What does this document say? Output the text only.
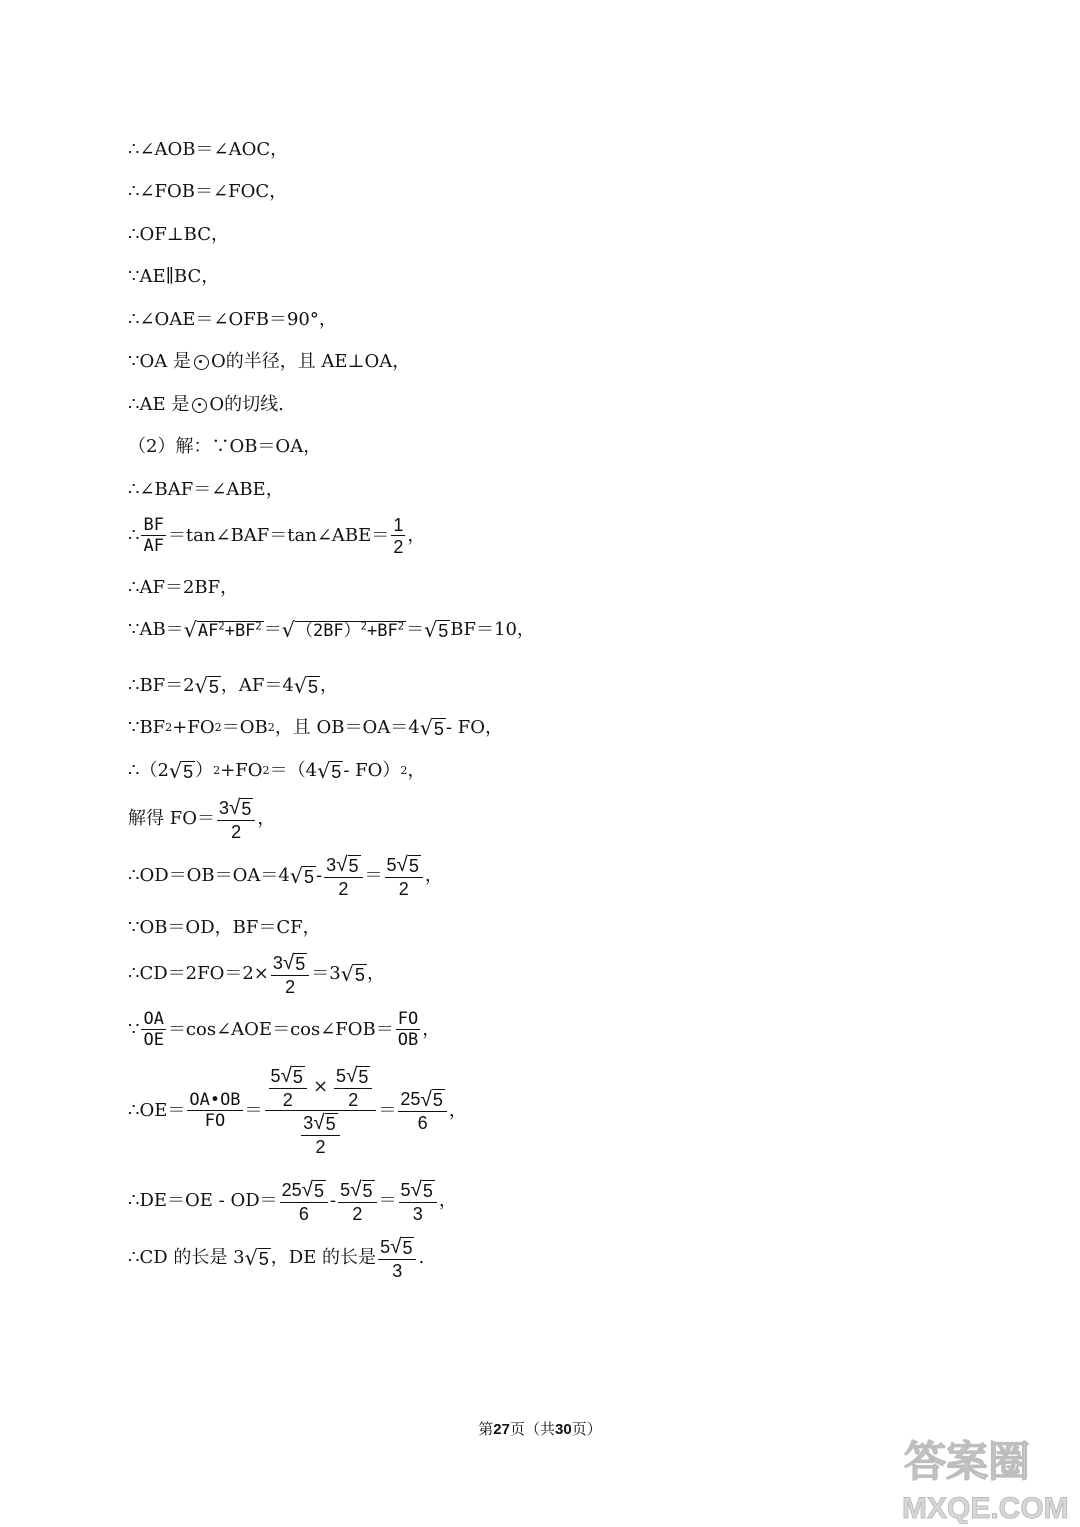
∴∠AOB＝∠AOC，
∴∠FOB＝∠FOC，
∴OF⊥BC，
∵AE∥BC，
∴∠OAE＝∠OFB＝90°，
∵OA 是 O 的半径，且 AE⊥OA，
∴AE 是 O 的切线.
（2）解：∵OB＝OA，
∴∠BAF＝∠ABE，
∴ $\frac{BF}{AF}$ ＝tan∠BAF＝tan∠ABE＝ $\frac{1}{2}$ ，
∴AF＝2BF，
∵AB＝ √ $AF^2+BF^2$ ＝ √ $(2BF)^2+BF^2$ ＝ √ 5 BF＝10，
∴BF＝2 √ 5 ，AF＝4 √ 5 ，
∵BF 2 +FO 2 ＝OB 2 ，且 OB＝OA＝4 √ 5 - FO，
∴（2 √ 5 ） 2 +FO 2 ＝（4 √ 5 - FO） 2 ，
解得 $FO= \frac{3 √ 5}{2}$ ，
∴OD＝OB＝OA＝4 √ $5 - \frac{3 √ 5}{2} = \frac{5 √ 5}{2}$ ，
∵OB＝OD，BF＝CF，
∴CD＝2FO＝2× $\frac{3 √ 5}{2} =3$ √ 5 ，
∵ $\frac{OA}{OE}$ ＝cos∠AOE＝cos∠FOB＝ $\frac{FO}{OB}$ ，
∴OE＝ $\frac{OA•OB}{FO} = \frac{\frac{5 √ 5}{2} \times \frac{5 √ 5}{2}}{\frac{3 √ 5}{2}} = \frac{25 √ 5}{6}$ ，
∴DE＝OE - $OD= \frac{25 √ 5}{6} - \frac{5 √ 5}{2} = \frac{5 √ 5}{3}$ ，
∴CD 的长是 3 √ 5 ，DE 的长是 $\frac{5 √ 5}{3}$ .
第27页（共30页）
答案圈
MXQE.COM
